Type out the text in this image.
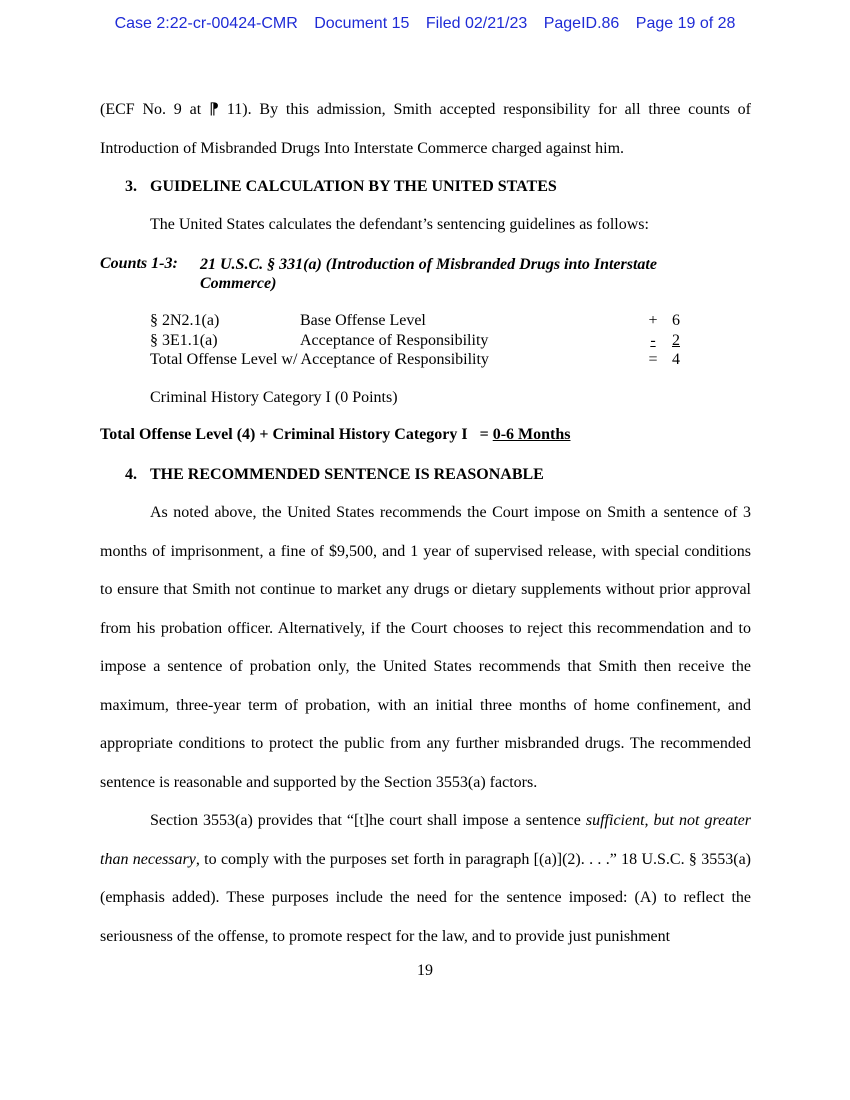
Case 2:22-cr-00424-CMR Document 15 Filed 02/21/23 PageID.86 Page 19 of 28

(ECF No. 9 at ⁋ 11). By this admission, Smith accepted responsibility for all three counts of

Introduction of Misbranded Drugs Into Interstate Commerce charged against him.

3. GUIDELINE CALCULATION BY THE UNITED STATES

The United States calculates the defendant’s sentencing guidelines as follows:

Counts 1-3:	21 U.S.C. § 331(a) (Introduction of Misbranded Drugs into Interstate Commerce)
§ 2N2.1(a)	Base Offense Level	+ 6
§ 3E1.1(a)	Acceptance of Responsibility	- 2
Total Offense Level w/ Acceptance of Responsibility	= 4
Criminal History Category I (0 Points)
Total Offense Level (4) + Criminal History Category I   = 0-6 Months
4. THE RECOMMENDED SENTENCE IS REASONABLE

As noted above, the United States recommends the Court impose on Smith a sentence of 3 months of imprisonment, a fine of $9,500, and 1 year of supervised release, with special conditions to ensure that Smith not continue to market any drugs or dietary supplements without prior approval from his probation officer. Alternatively, if the Court chooses to reject this recommendation and to impose a sentence of probation only, the United States recommends that Smith then receive the maximum, three-year term of probation, with an initial three months of home confinement, and appropriate conditions to protect the public from any further misbranded drugs. The recommended sentence is reasonable and supported by the Section 3553(a) factors.

Section 3553(a) provides that “[t]he court shall impose a sentence sufficient, but not greater than necessary, to comply with the purposes set forth in paragraph [(a)](2). . . .” 18 U.S.C. § 3553(a) (emphasis added). These purposes include the need for the sentence imposed: (A) to reflect the seriousness of the offense, to promote respect for the law, and to provide just punishment

19
